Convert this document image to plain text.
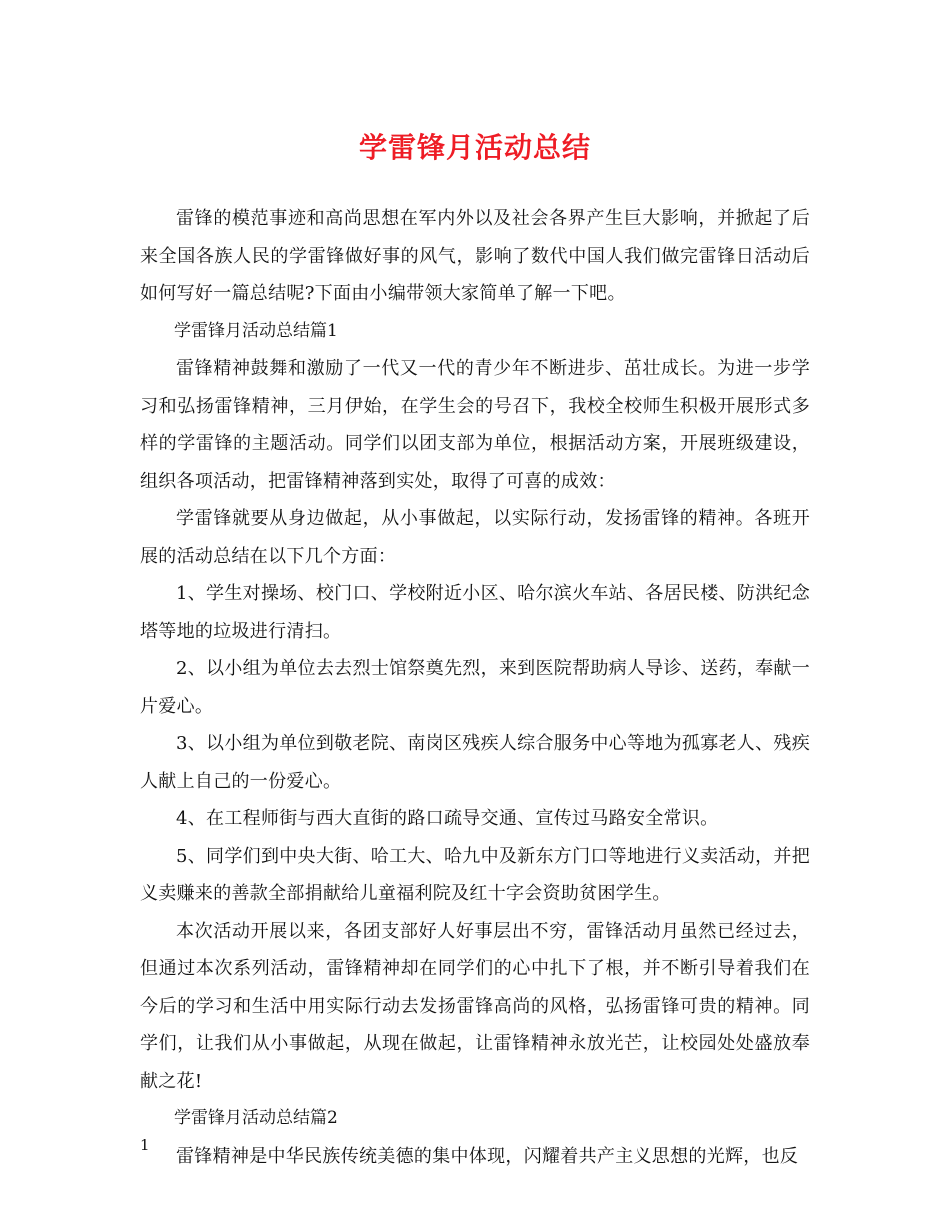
学雷锋月活动总结

雷锋的模范事迹和高尚思想在军内外以及社会各界产生巨大影响，并掀起了后来全国各族人民的学雷锋做好事的风气，影响了数代中国人我们做完雷锋日活动后如何写好一篇总结呢?下面由小编带领大家简单了解一下吧。

学雷锋月活动总结篇1

雷锋精神鼓舞和激励了一代又一代的青少年不断进步、茁壮成长。为进一步学习和弘扬雷锋精神，三月伊始，在学生会的号召下，我校全校师生积极开展形式多样的学雷锋的主题活动。同学们以团支部为单位，根据活动方案，开展班级建设，组织各项活动，把雷锋精神落到实处，取得了可喜的成效：

学雷锋就要从身边做起，从小事做起，以实际行动，发扬雷锋的精神。各班开展的活动总结在以下几个方面：

1、学生对操场、校门口、学校附近小区、哈尔滨火车站、各居民楼、防洪纪念塔等地的垃圾进行清扫。

2、以小组为单位去去烈士馆祭奠先烈，来到医院帮助病人导诊、送药，奉献一片爱心。

3、以小组为单位到敬老院、南岗区残疾人综合服务中心等地为孤寡老人、残疾人献上自己的一份爱心。

4、在工程师街与西大直街的路口疏导交通、宣传过马路安全常识。

5、同学们到中央大街、哈工大、哈九中及新东方门口等地进行义卖活动，并把义卖赚来的善款全部捐献给儿童福利院及红十字会资助贫困学生。

本次活动开展以来，各团支部好人好事层出不穷，雷锋活动月虽然已经过去，但通过本次系列活动，雷锋精神却在同学们的心中扎下了根，并不断引导着我们在今后的学习和生活中用实际行动去发扬雷锋高尚的风格，弘扬雷锋可贵的精神。同学们，让我们从小事做起，从现在做起，让雷锋精神永放光芒，让校园处处盛放奉献之花!

学雷锋月活动总结篇2

雷锋精神是中华民族传统美德的集中体现，闪耀着共产主义思想的光辉，也反

1
